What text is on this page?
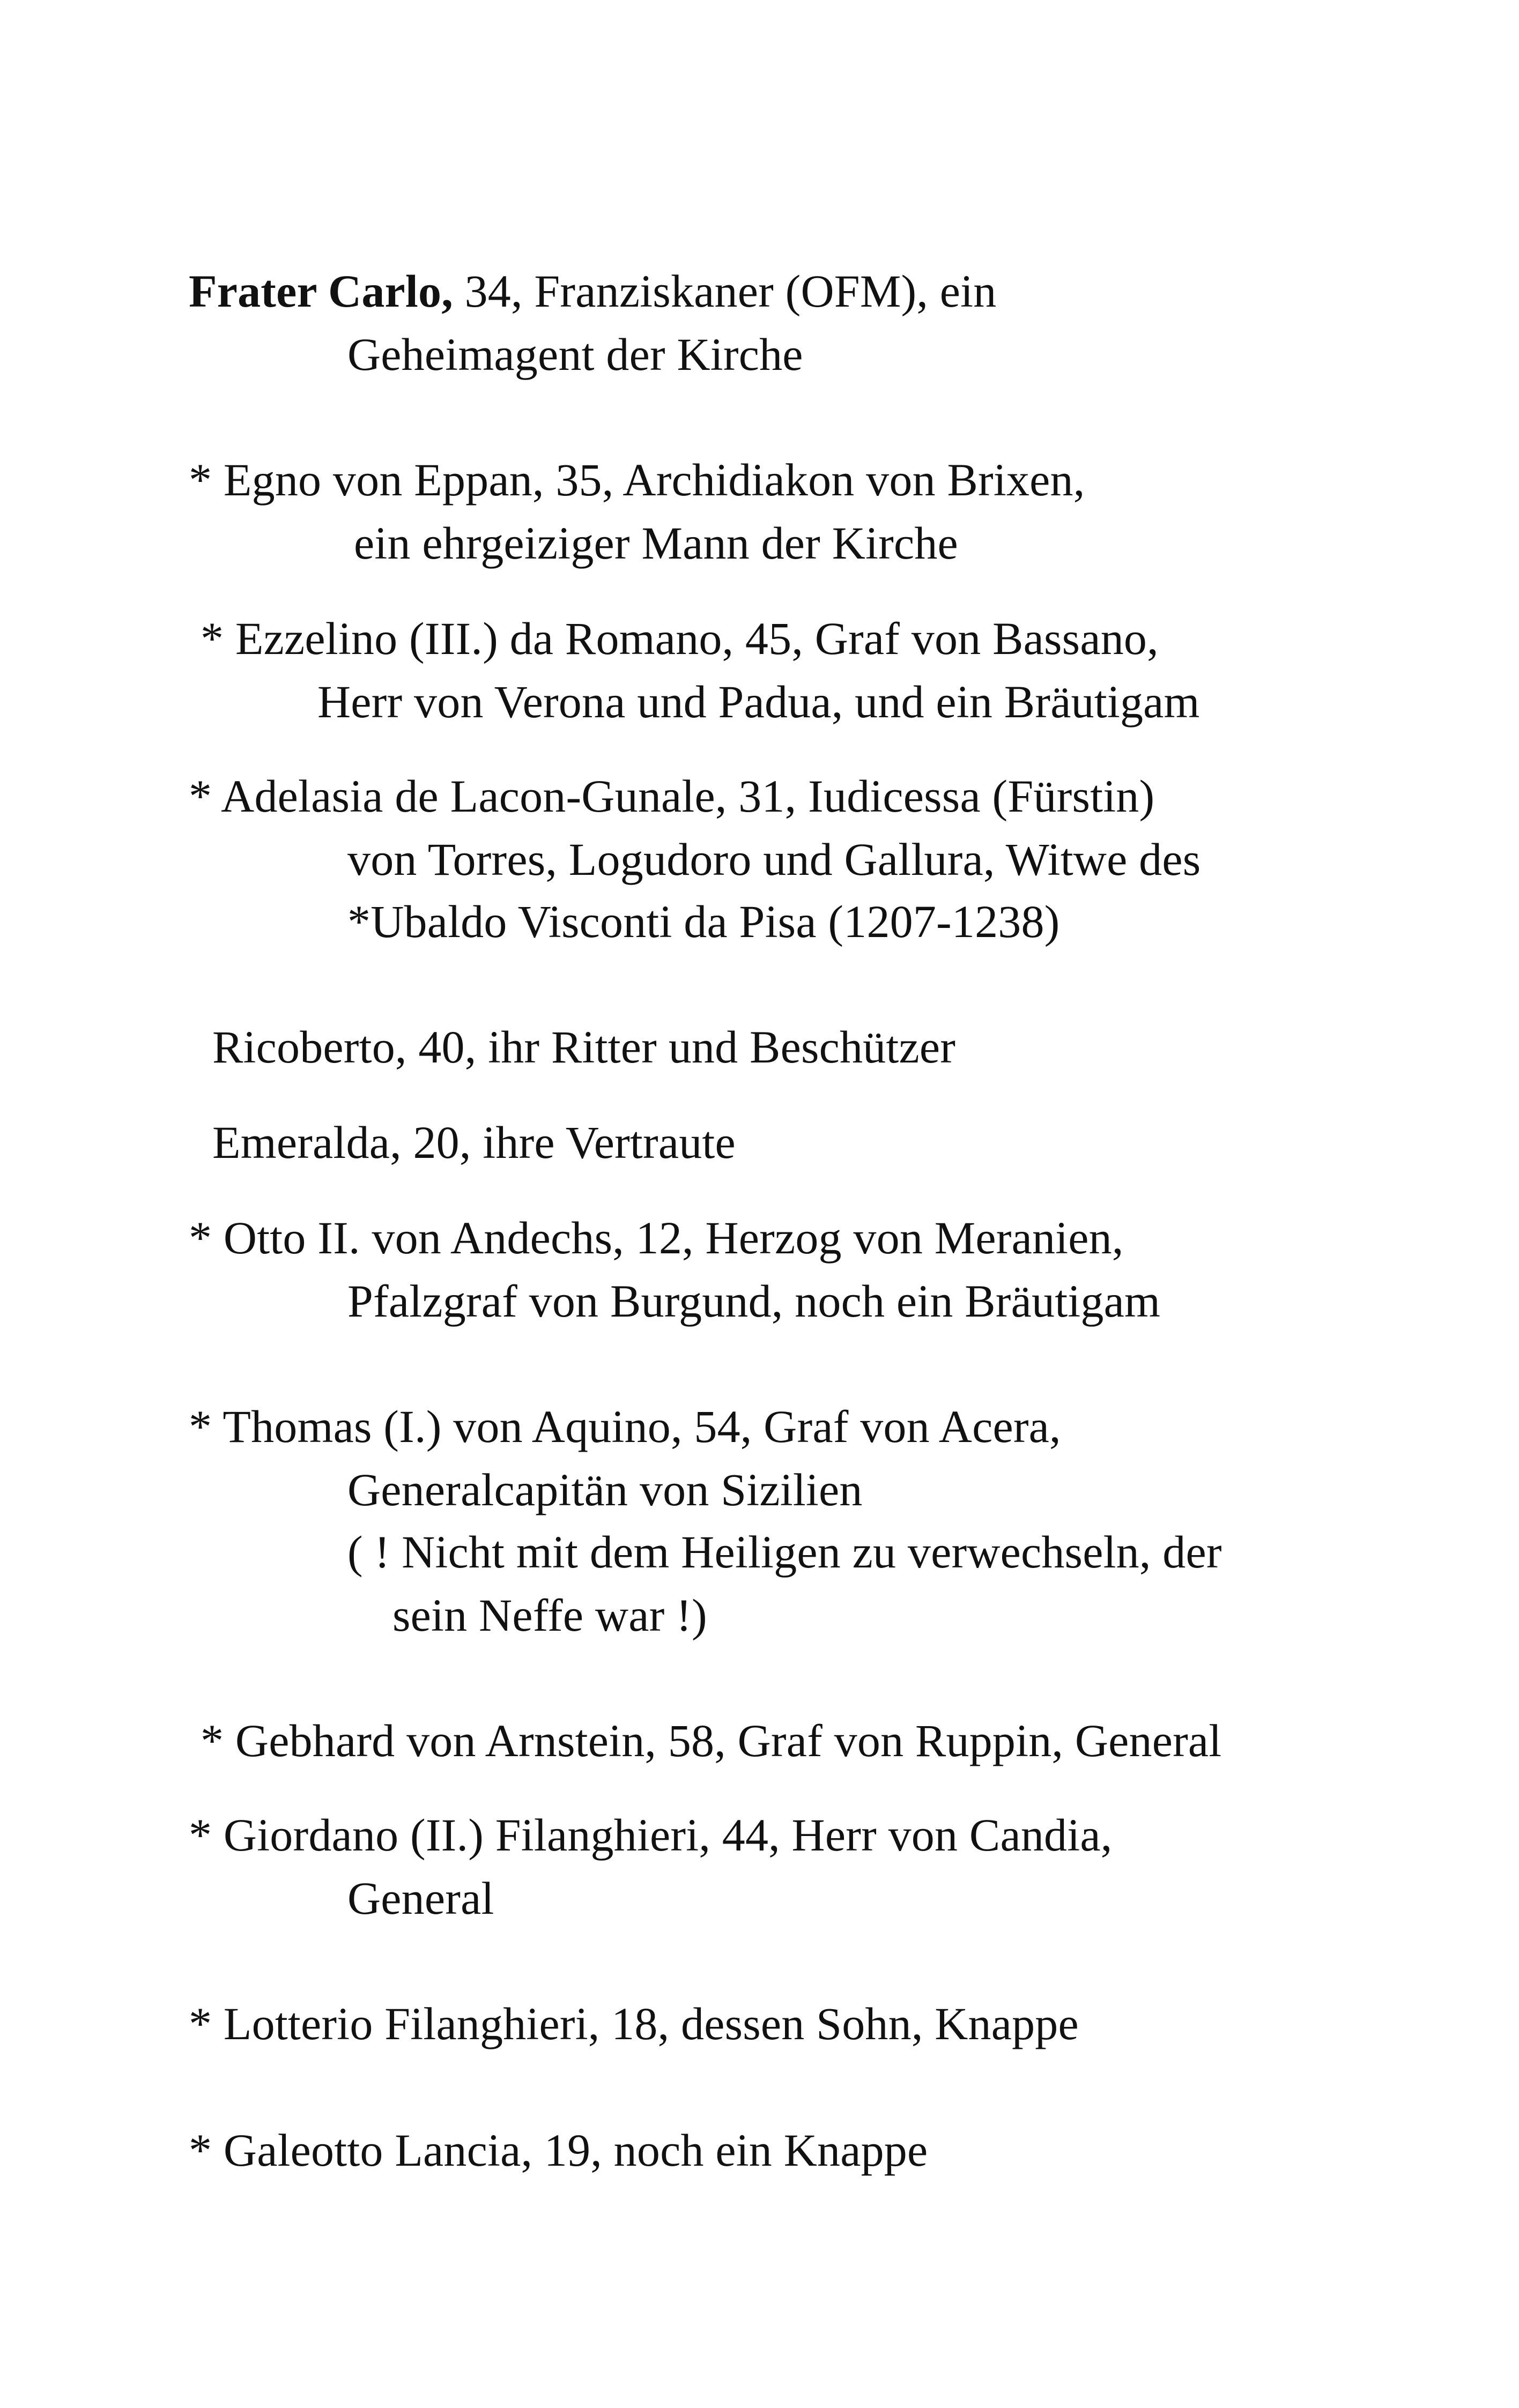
Frater Carlo, 34, Franziskaner (OFM), ein
Geheimagent der Kirche
* Egno von Eppan, 35, Archidiakon von Brixen,
ein ehrgeiziger Mann der Kirche
* Ezzelino (III.) da Romano, 45, Graf von Bassano,
Herr von Verona und Padua, und ein Bräutigam
* Adelasia de Lacon-Gunale, 31, Iudicessa (Fürstin)
von Torres, Logudoro und Gallura, Witwe des
*Ubaldo Visconti da Pisa (1207-1238)
Ricoberto, 40, ihr Ritter und Beschützer
Emeralda, 20, ihre Vertraute
* Otto II. von Andechs, 12, Herzog von Meranien,
Pfalzgraf von Burgund, noch ein Bräutigam
* Thomas (I.) von Aquino, 54, Graf von Acera,
Generalcapitän von Sizilien
( ! Nicht mit dem Heiligen zu verwechseln, der
sein Neffe war !)
* Gebhard von Arnstein, 58, Graf von Ruppin, General
* Giordano (II.) Filanghieri, 44, Herr von Candia,
General
* Lotterio Filanghieri, 18, dessen Sohn, Knappe
* Galeotto Lancia, 19, noch ein Knappe
